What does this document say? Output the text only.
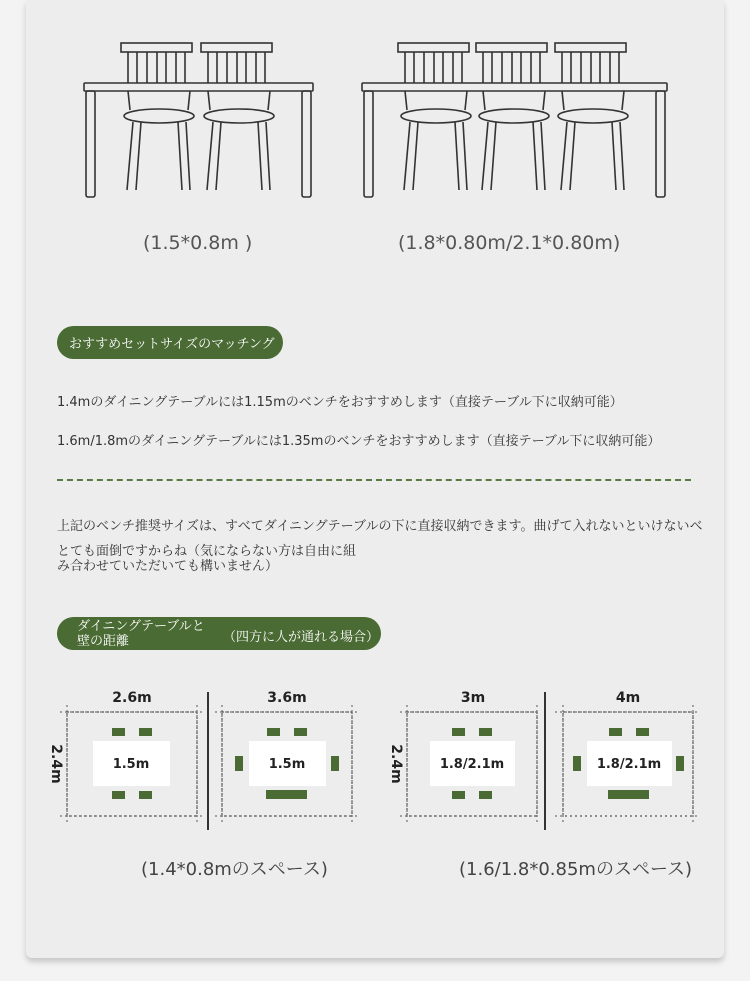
(1.5*0.8m )	(1.8*0.80m/2.1*0.80m)
おすすめセットサイズのマッチング
1.4mのダイニングテーブルには1.15mのベンチをおすすめします（直接テーブル下に収納可能）
1.6m/1.8mのダイニングテーブルには1.35mのベンチをおすすめします（直接テーブル下に収納可能）
上記のベンチ推奨サイズは、すべてダイニングテーブルの下に直接収納できます。曲げて入れないといけないベ
とても面倒ですからね（気にならない方は自由に組
み合わせていただいても構いません）
ダイニングテーブルと壁の距離	（四方に人が通れる場合）
2.6m
2.4m	1.5m
3.6m
1.5m
3m
2.4m	1.8/2.1m
4m
1.8/2.1m
(1.4*0.8mのスペース)	(1.6/1.8*0.85mのスペース)
